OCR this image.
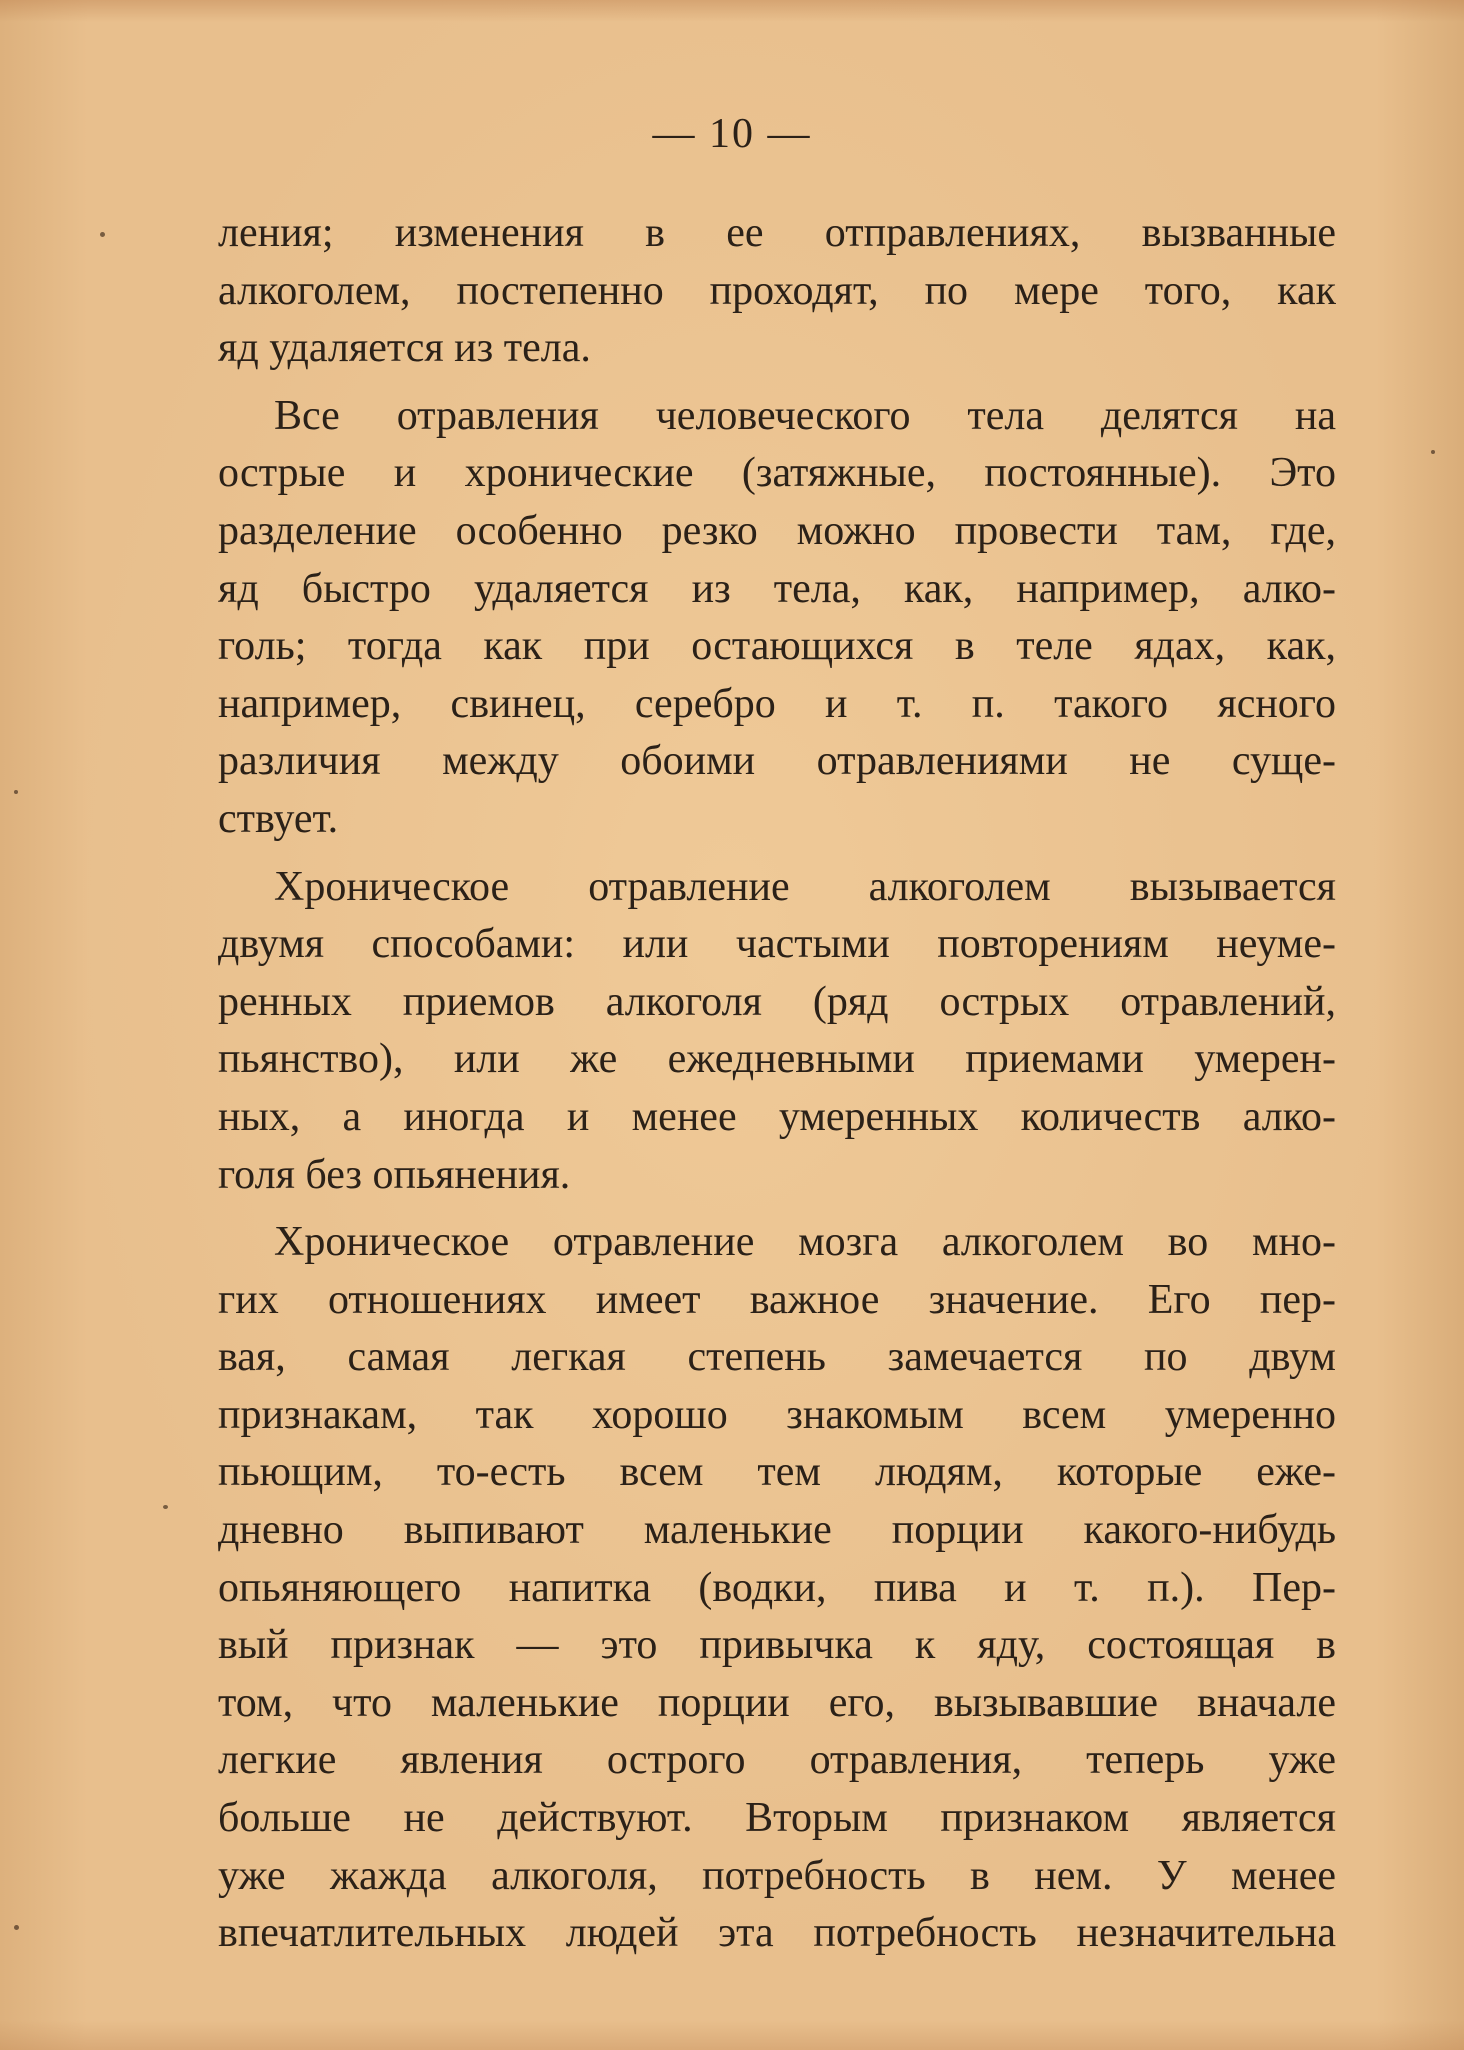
— 10 —
ления; изменения в ее отправлениях, вызванные
алкоголем, постепенно проходят, по мере того, как
яд удаляется из тела.
Все отравления человеческого тела делятся на
острые и хронические (затяжные, постоянные). Это
разделение особенно резко можно провести там, где,
яд быстро удаляется из тела, как, например, алко-
голь; тогда как при остающихся в теле ядах, как,
например, свинец, серебро и т. п. такого ясного
различия между обоими отравлениями не суще-
ствует.
Хроническое отравление алкоголем вызывается
двумя способами: или частыми повторениям неуме-
ренных приемов алкоголя (ряд острых отравлений,
пьянство), или же ежедневными приемами умерен-
ных, а иногда и менее умеренных количеств алко-
голя без опьянения.
Хроническое отравление мозга алкоголем во мно-
гих отношениях имеет важное значение. Его пер-
вая, самая легкая степень замечается по двум
признакам, так хорошо знакомым всем умеренно
пьющим, то-есть всем тем людям, которые еже-
дневно выпивают маленькие порции какого-нибудь
опьяняющего напитка (водки, пива и т. п.). Пер-
вый признак — это привычка к яду, состоящая в
том, что маленькие порции его, вызывавшие вначале
легкие явления острого отравления, теперь уже
больше не действуют. Вторым признаком является
уже жажда алкоголя, потребность в нем. У менее
впечатлительных людей эта потребность незначительна
